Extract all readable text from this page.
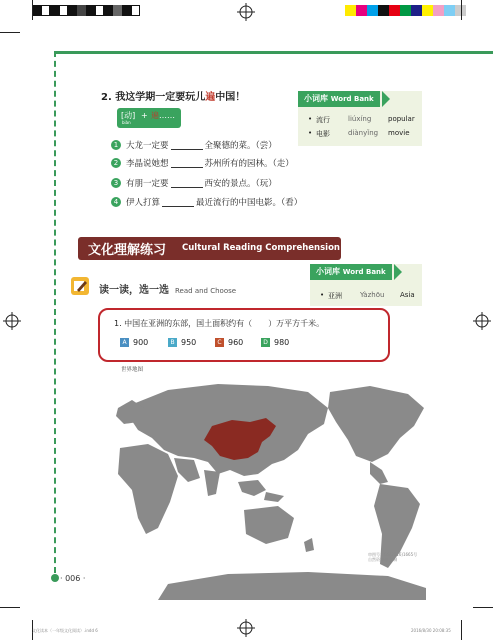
2. 我这学期一定要玩儿遍中国！
[动]
biàn
+ 遍……
1 大龙一定要	全聚德的菜。（尝）
2 李晶说她想	苏州所有的园林。（走）
3 有朋一定要	西安的景点。（玩）
4 伊人打算	最近流行的中国电影。（看）
小词库 Word Bank
• 流行	liúxíng	popular
• 电影	diànyǐng	movie
文化理解练习 Cultural Reading Comprehension
小词库 Word Bank
• 亚洲	Yàzhōu	Asia
读一读，选一选 Read and Choose
1. 中国在亚洲的东部，国土面积约有（ ）万平方千米。
A 900	B 950	C 960	D 980
世界地图
审图号：GS(2016)1665号
自然资源部 监制
· 006 ·
文化读本（一年级文化阅读）.indd 6	2016/8/30 20:08:35
